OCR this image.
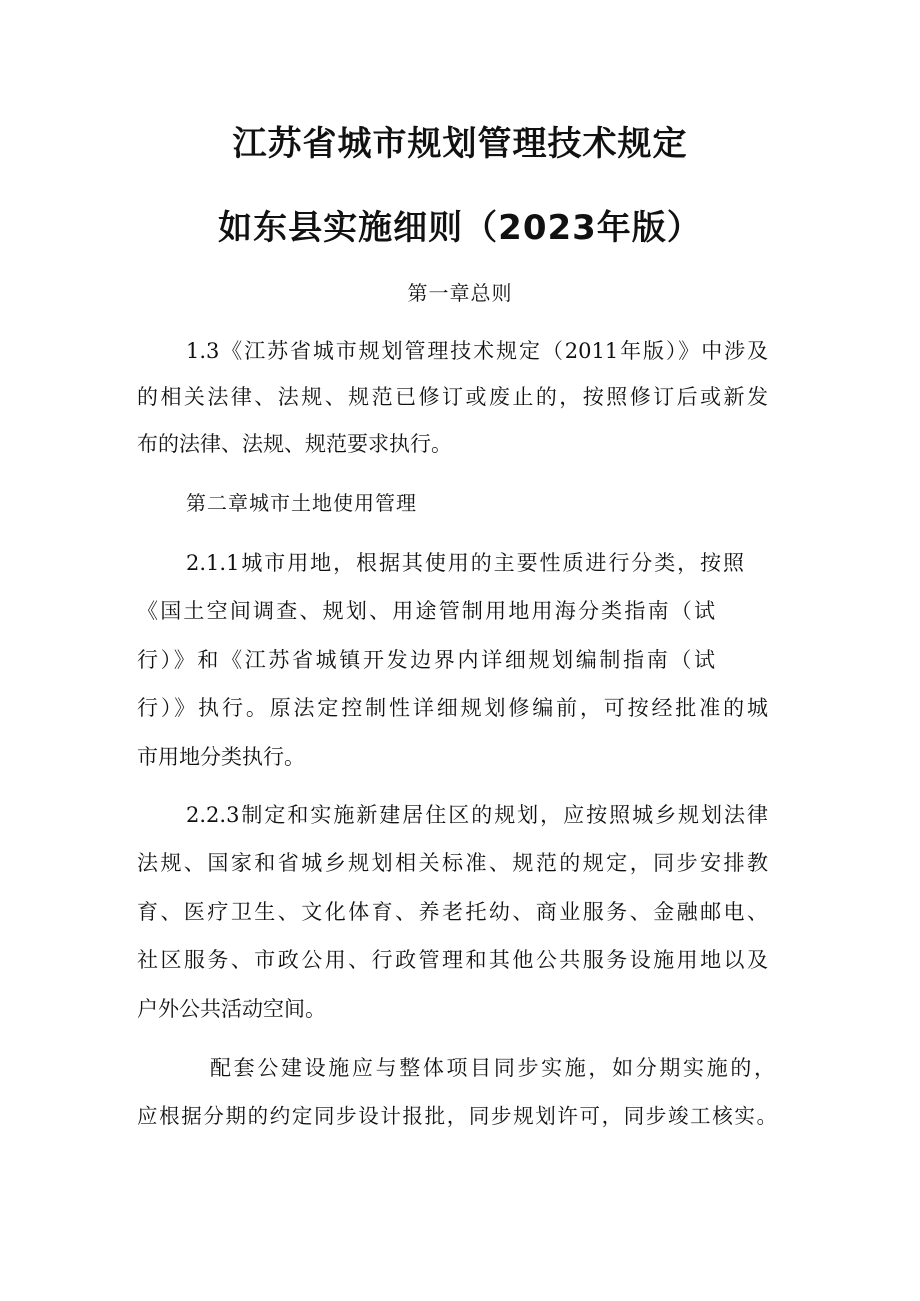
江苏省城市规划管理技术规定
如东县实施细则（2023年版）
第一章总则
1.3《江苏省城市规划管理技术规定（2011年版）》中涉及
的相关法律、法规、规范已修订或废止的，按照修订后或新发
布的法律、法规、规范要求执行。
第二章城市土地使用管理
2.1.1城市用地，根据其使用的主要性质进行分类，按照
《国土空间调查、规划、用途管制用地用海分类指南（试
行）》和《江苏省城镇开发边界内详细规划编制指南（试
行）》执行。原法定控制性详细规划修编前，可按经批准的城
市用地分类执行。
2.2.3制定和实施新建居住区的规划，应按照城乡规划法律
法规、国家和省城乡规划相关标准、规范的规定，同步安排教
育、医疗卫生、文化体育、养老托幼、商业服务、金融邮电、
社区服务、市政公用、行政管理和其他公共服务设施用地以及
户外公共活动空间。
配套公建设施应与整体项目同步实施，如分期实施的，
应根据分期的约定同步设计报批，同步规划许可，同步竣工核实。
